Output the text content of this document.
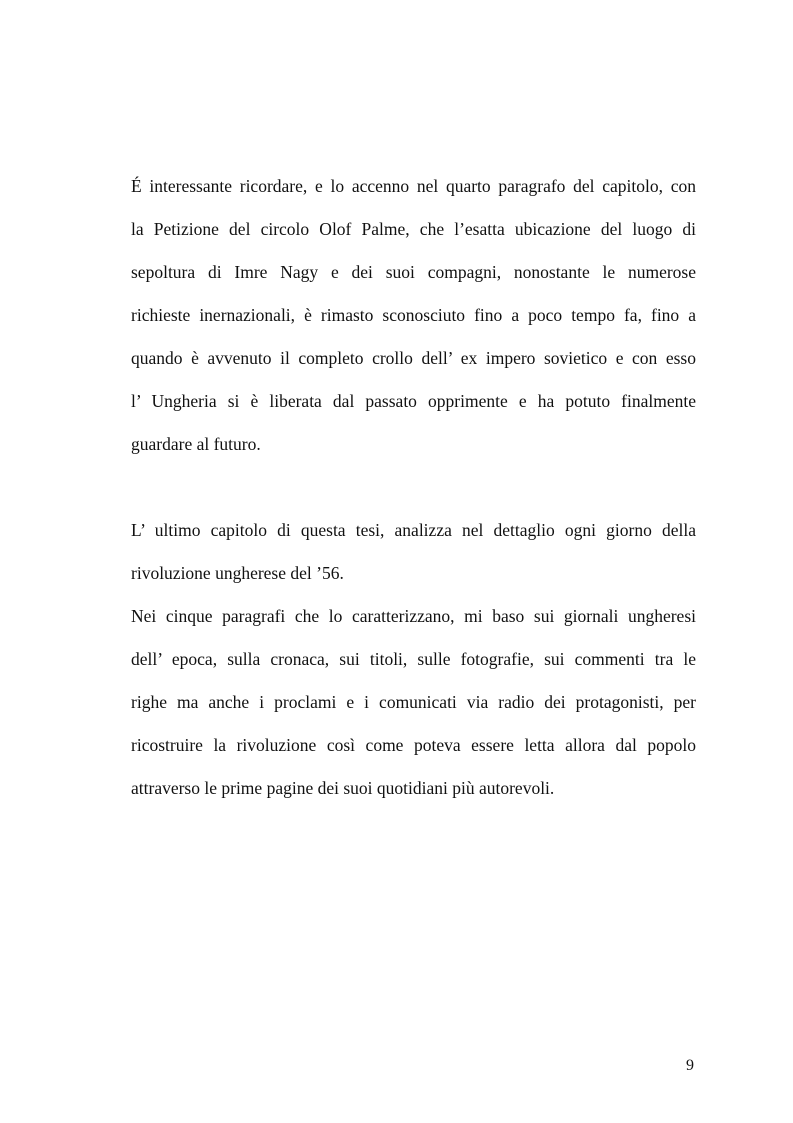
É interessante ricordare, e lo accenno nel quarto paragrafo del capitolo, con
la Petizione del circolo Olof Palme, che l’esatta ubicazione del luogo di
sepoltura di Imre Nagy e dei suoi compagni, nonostante le numerose
richieste inernazionali, è rimasto sconosciuto fino a poco tempo fa, fino a
quando è avvenuto il completo crollo dell’ ex impero sovietico e con esso
l’ Ungheria si è liberata dal passato opprimente e ha potuto finalmente
guardare al futuro.
L’ ultimo capitolo di questa tesi, analizza nel dettaglio ogni giorno della
rivoluzione ungherese del ’56.
Nei cinque paragrafi che lo caratterizzano, mi baso sui giornali ungheresi
dell’ epoca, sulla cronaca, sui titoli, sulle fotografie, sui commenti tra le
righe ma anche i proclami e i comunicati via radio dei protagonisti, per
ricostruire la rivoluzione così come poteva essere letta allora dal popolo
attraverso le prime pagine dei suoi quotidiani più autorevoli.
9
